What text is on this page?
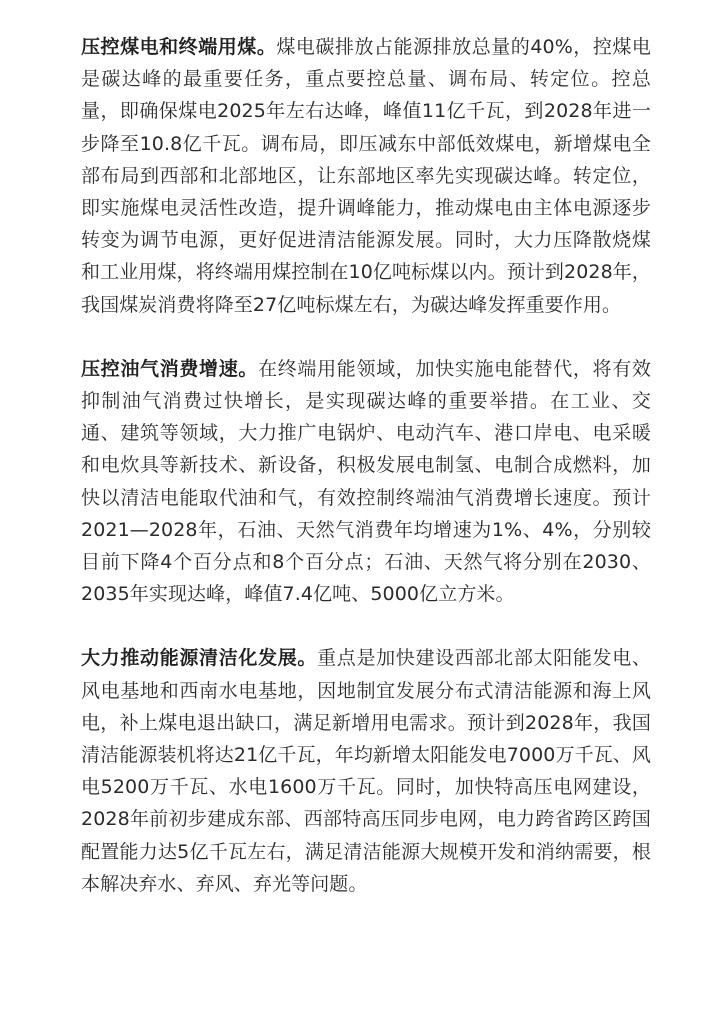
压控煤电和终端用煤。煤电碳排放占能源排放总量的40%，控煤电是碳达峰的最重要任务，重点要控总量、调布局、转定位。控总量，即确保煤电2025年左右达峰，峰值11亿千瓦，到2028年进一步降至10.8亿千瓦。调布局，即压减东中部低效煤电，新增煤电全部布局到西部和北部地区，让东部地区率先实现碳达峰。转定位，即实施煤电灵活性改造，提升调峰能力，推动煤电由主体电源逐步转变为调节电源，更好促进清洁能源发展。同时，大力压降散烧煤和工业用煤，将终端用煤控制在10亿吨标煤以内。预计到2028年，我国煤炭消费将降至27亿吨标煤左右，为碳达峰发挥重要作用。

压控油气消费增速。在终端用能领域，加快实施电能替代，将有效抑制油气消费过快增长，是实现碳达峰的重要举措。在工业、交通、建筑等领域，大力推广电锅炉、电动汽车、港口岸电、电采暖和电炊具等新技术、新设备，积极发展电制氢、电制合成燃料，加快以清洁电能取代油和气，有效控制终端油气消费增长速度。预计2021—2028年，石油、天然气消费年均增速为1%、4%，分别较目前下降4个百分点和8个百分点；石油、天然气将分别在2030、2035年实现达峰，峰值7.4亿吨、5000亿立方米。

大力推动能源清洁化发展。重点是加快建设西部北部太阳能发电、风电基地和西南水电基地，因地制宜发展分布式清洁能源和海上风电，补上煤电退出缺口，满足新增用电需求。预计到2028年，我国清洁能源装机将达21亿千瓦，年均新增太阳能发电7000万千瓦、风电5200万千瓦、水电1600万千瓦。同时，加快特高压电网建设，2028年前初步建成东部、西部特高压同步电网，电力跨省跨区跨国配置能力达5亿千瓦左右，满足清洁能源大规模开发和消纳需要，根本解决弃水、弃风、弃光等问题。
